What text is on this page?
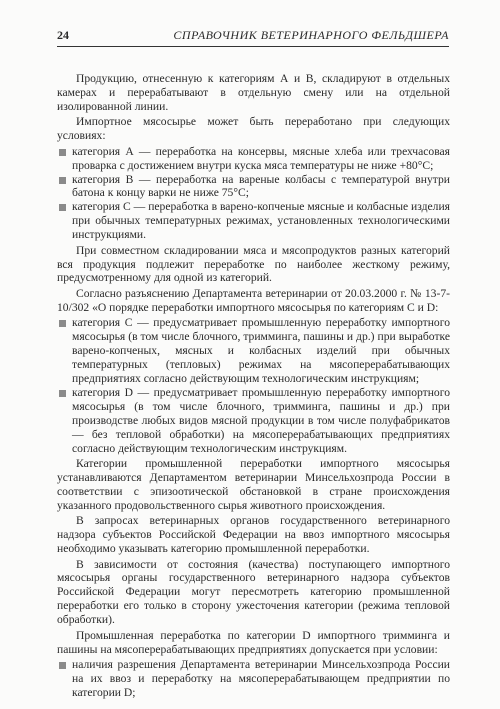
24	СПРАВОЧНИК ВЕТЕРИНАРНОГО ФЕЛЬДШЕРА

Продукцию, отнесенную к категориям А и В, складируют в отдельных камерах и перерабатывают в отдельную смену или на отдельной изолированной линии.

Импортное мясосырье может быть переработано при следующих условиях:

категория А — переработка на консервы, мясные хлеба или трехчасовая проварка с достижением внутри куска мяса температуры не ниже +80°С;

категория В — переработка на вареные колбасы с температурой внутри батона к концу варки не ниже 75°С;

категория С — переработка в варено-копченые мясные и колбасные изделия при обычных температурных режимах, установленных технологическими инструкциями.

При совместном складировании мяса и мясопродуктов разных категорий вся продукция подлежит переработке по наиболее жесткому режиму, предусмотренному для одной из категорий.

Согласно разъяснению Департамента ветеринарии от 20.03.2000 г. № 13-7-10/302 «О порядке переработки импортного мясосырья по категориям С и D:

категория С — предусматривает промышленную переработку импортного мясосырья (в том числе блочного, тримминга, пашины и др.) при выработке варено-копченых, мясных и колбасных изделий при обычных температурных (тепловых) режимах на мясоперерабатывающих предприятиях согласно действующим технологическим инструкциям;

категория D — предусматривает промышленную переработку импортного мясосырья (в том числе блочного, тримминга, пашины и др.) при производстве любых видов мясной продукции в том числе полуфабрикатов — без тепловой обработки) на мясоперерабатывающих предприятиях согласно действующим технологическим инструкциям.

Категории промышленной переработки импортного мясосырья устанавливаются Департаментом ветеринарии Минсельхозпрода России в соответствии с эпизоотической обстановкой в стране происхождения указанного продовольственного сырья животного происхождения.

В запросах ветеринарных органов государственного ветеринарного надзора субъектов Российской Федерации на ввоз импортного мясосырья необходимо указывать категорию промышленной переработки.

В зависимости от состояния (качества) поступающего импортного мясосырья органы государственного ветеринарного надзора субъектов Российской Федерации могут пересмотреть категорию промышленной переработки его только в сторону ужесточения категории (режима тепловой обработки).

Промышленная переработка по категории D импортного тримминга и пашины на мясоперерабатывающих предприятиях допускается при условии:

наличия разрешения Департамента ветеринарии Минсельхозпрода России на их ввоз и переработку на мясоперерабатывающем предприятии по категории D;
